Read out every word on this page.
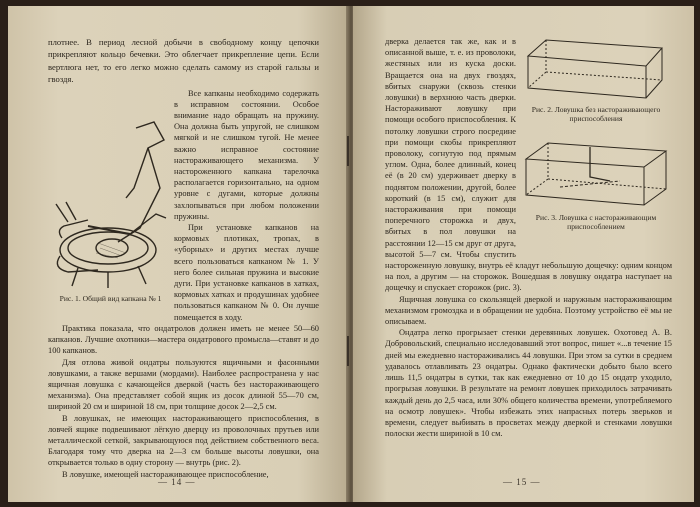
плотнее. В период лесной добычи в свободному концу цепочки прикрепляют кольцо бечевки. Это облегчает прикрепление цепи. Если вертлюга нет, то его легко можно сделать самому из старой гальзы и гвоздя.

Все капканы необходимо содержать в исправном состоянии. Особое внимание надо обращать на пружину. Она должна быть упругой, не слишком мягкой и не слишком тугой. Не менее важно исправное состояние настораживающего механизма. У настороженного капкана тарелочка располагается горизонтально, на одном уровне с дугами, которые должны захлопываться при любом положении пружины.

При установке капканов на кормовых плотиках, тропах, в «уборных» и других местах лучше всего пользоваться капканом № 1. У него более сильная пружина и высокие дуги. При установке капканов в хатках, кормовых хатках и продушинах удобнее пользоваться капканом № 0. Он лучше помещается в ходу.

Рис. 1. Общий вид капкана № 1

Практика показала, что ондатролов должен иметь не менее 50—60 капканов. Лучшие охотники—мастера ондатрового промысла—ставят и до 100 капканов.

Для отлова живой ондатры пользуются ящичными и фасонными ловушками, а также вершами (мордами). Наиболее распространена у нас ящичная ловушка с качающейся дверкой (часть без настораживающего механизма). Она представляет собой ящик из досок длиной 55—70 см, шириной 20 см и шириной 18 см, при толщине досок 2—2,5 см.

В ловушках, не имеющих настораживающего приспособления, в ловчей ящике подвешивают лёгкую дверцу из проволочных прутьев или металлической сеткой, закрывающуюся под действием собственного веса. Благодаря тому что дверка на 2—3 см больше высоты ловушки, она открывается только в одну сторону — внутрь (рис. 2).

В ловушке, имеющей настораживающее приспособление,

— 14 —
Рис. 2. Ловушка без настораживающего приспособления
Рис. 3. Ловушка с настораживающим приспособлением

дверка делается так же, как и в описанной выше, т. е. из проволоки, жестяных или из куска доски. Вращается она на двух гвоздях, вбитых снаружи (сквозь стенки ловушки) в верхнюю часть дверки. Настораживают ловушку при помощи особого приспособления. К потолку ловушки строго посредине при помощи скобы прикрепляют проволоку, согнутую под прямым углом. Одна, более длинный, конец её (в 20 см) удерживает дверку в поднятом положении, другой, более короткий (в 15 см), служит для настораживания при помощи поперечного сторожка и двух, вбитых в пол ловушки на расстоянии 12—15 см друг от друга, высотой 5—7 см. Чтобы спустить настороженную ловушку, внутрь её кладут небольшую дощечку: одним концом на пол, а другим — на сторожок. Вошедшая в ловушку ондатра наступает на дощечку и спускает сторожок (рис. 3).

Ящичная ловушка со скользящей дверкой и наружным настораживающим механизмом громоздка и в обращении не удобна. Поэтому устройство её мы не описываем.

Ондатра легко прогрызает стенки деревянных ловушек. Охотовед А. В. Добровольский, специально исследовавший этот вопрос, пишет «...в течение 15 дней мы ежедневно настораживались 44 ловушки. При этом за сутки в среднем удавалось отлавливать 23 ондатры. Однако фактически добыто было всего лишь 11,5 ондатры в сутки, так как ежедневно от 10 до 15 ондатр уходило, прогрызая ловушки. В результате на ремонт ловушек приходилось затрачивать каждый день до 2,5 часа, или 30% общего количества времени, употребляемого на осмотр ловушек». Чтобы избежать этих напрасных потерь зверьков и времени, следует выбивать в просветах между дверкой и стенками ловушки полоски жести шириной в 10 см.

— 15 —
